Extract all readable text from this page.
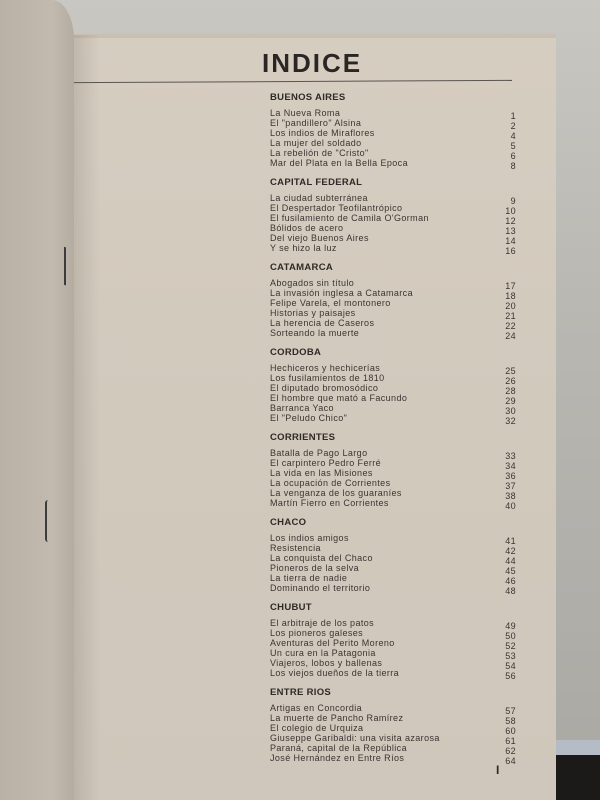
INDICE
BUENOS AIRES
La Nueva Roma	1
El "pandillero" Alsina	2
Los indios de Miraflores	4
La mujer del soldado	5
La rebelión de "Cristo"	6
Mar del Plata en la Bella Epoca	8
CAPITAL FEDERAL
La ciudad subterránea	9
El Despertador Teofilantrópico	10
El fusilamiento de Camila O'Gorman	12
Bólidos de acero	13
Del viejo Buenos Aires	14
Y se hizo la luz	16
CATAMARCA
Abogados sin título	17
La invasión inglesa a Catamarca	18
Felipe Varela, el montonero	20
Historias y paisajes	21
La herencia de Caseros	22
Sorteando la muerte	24
CORDOBA
Hechiceros y hechicerías	25
Los fusilamientos de 1810	26
El diputado bromosódico	28
El hombre que mató a Facundo	29
Barranca Yaco	30
El "Peludo Chico"	32
CORRIENTES
Batalla de Pago Largo	33
El carpintero Pedro Ferré	34
La vida en las Misiones	36
La ocupación de Corrientes	37
La venganza de los guaraníes	38
Martín Fierro en Corrientes	40
CHACO
Los indios amigos	41
Resistencia	42
La conquista del Chaco	44
Pioneros de la selva	45
La tierra de nadie	46
Dominando el territorio	48
CHUBUT
El arbitraje de los patos	49
Los pioneros galeses	50
Aventuras del Perito Moreno	52
Un cura en la Patagonia	53
Viajeros, lobos y ballenas	54
Los viejos dueños de la tierra	56
ENTRE RIOS
Artigas en Concordia	57
La muerte de Pancho Ramírez	58
El colegio de Urquiza	60
Giuseppe Garibaldi: una visita azarosa	61
Paraná, capital de la República	62
José Hernández en Entre Ríos	64
I
